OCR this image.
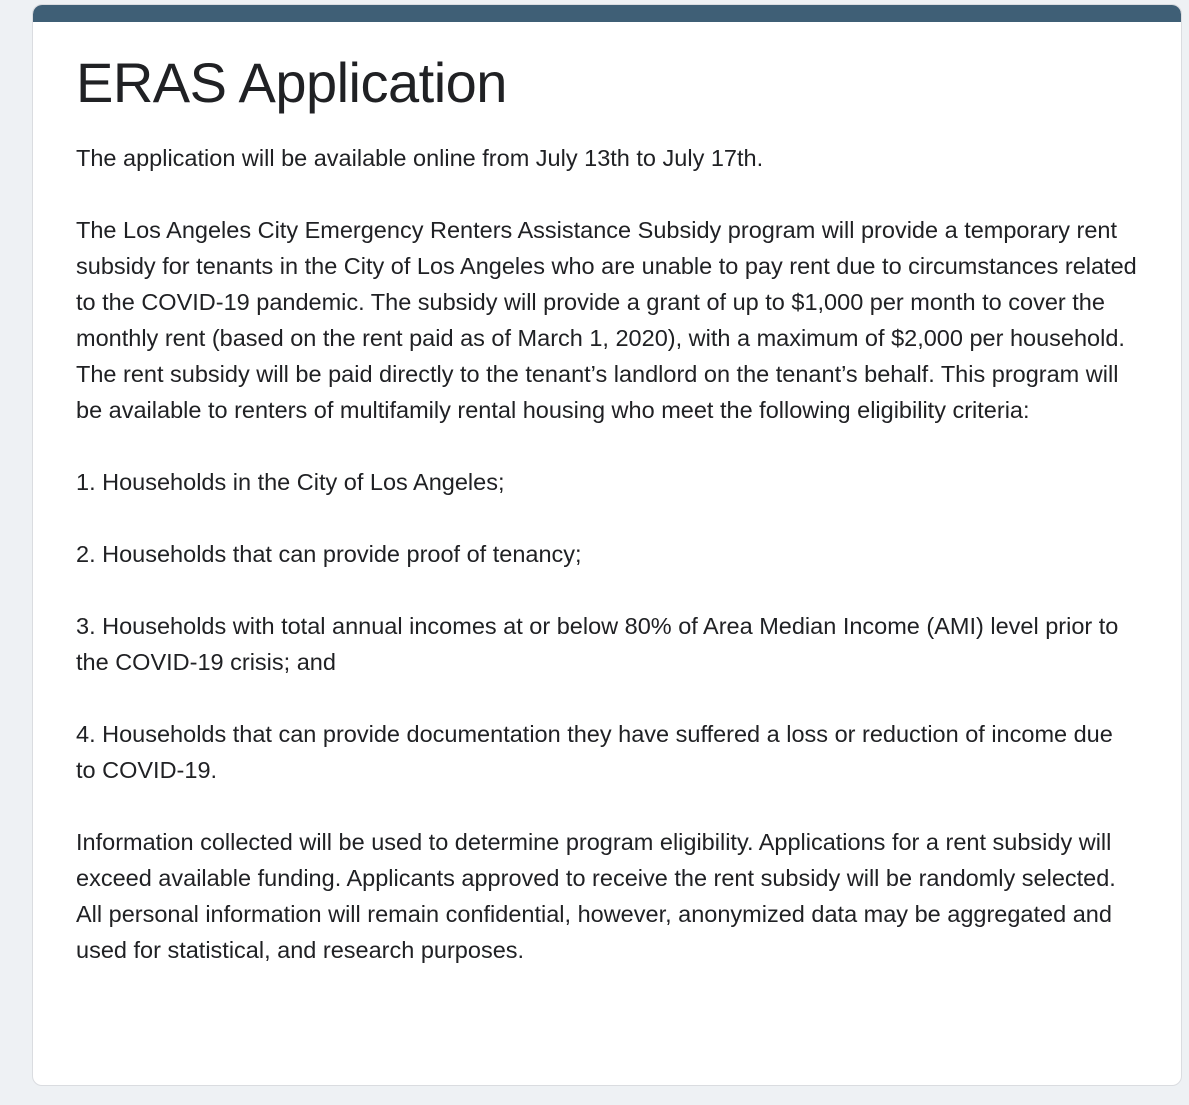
ERAS Application

The application will be available online from July 13th to July 17th.

The Los Angeles City Emergency Renters Assistance Subsidy program will provide a temporary rent subsidy for tenants in the City of Los Angeles who are unable to pay rent due to circumstances related to the COVID-19 pandemic. The subsidy will provide a grant of up to $1,000 per month to cover the monthly rent (based on the rent paid as of March 1, 2020), with a maximum of $2,000 per household. The rent subsidy will be paid directly to the tenant’s landlord on the tenant’s behalf. This program will be available to renters of multifamily rental housing who meet the following eligibility criteria:

1. Households in the City of Los Angeles;

2. Households that can provide proof of tenancy;

3. Households with total annual incomes at or below 80% of Area Median Income (AMI) level prior to the COVID-19 crisis; and

4. Households that can provide documentation they have suffered a loss or reduction of income due to COVID-19.

Information collected will be used to determine program eligibility. Applications for a rent subsidy will exceed available funding. Applicants approved to receive the rent subsidy will be randomly selected. All personal information will remain confidential, however, anonymized data may be aggregated and used for statistical, and research purposes.
